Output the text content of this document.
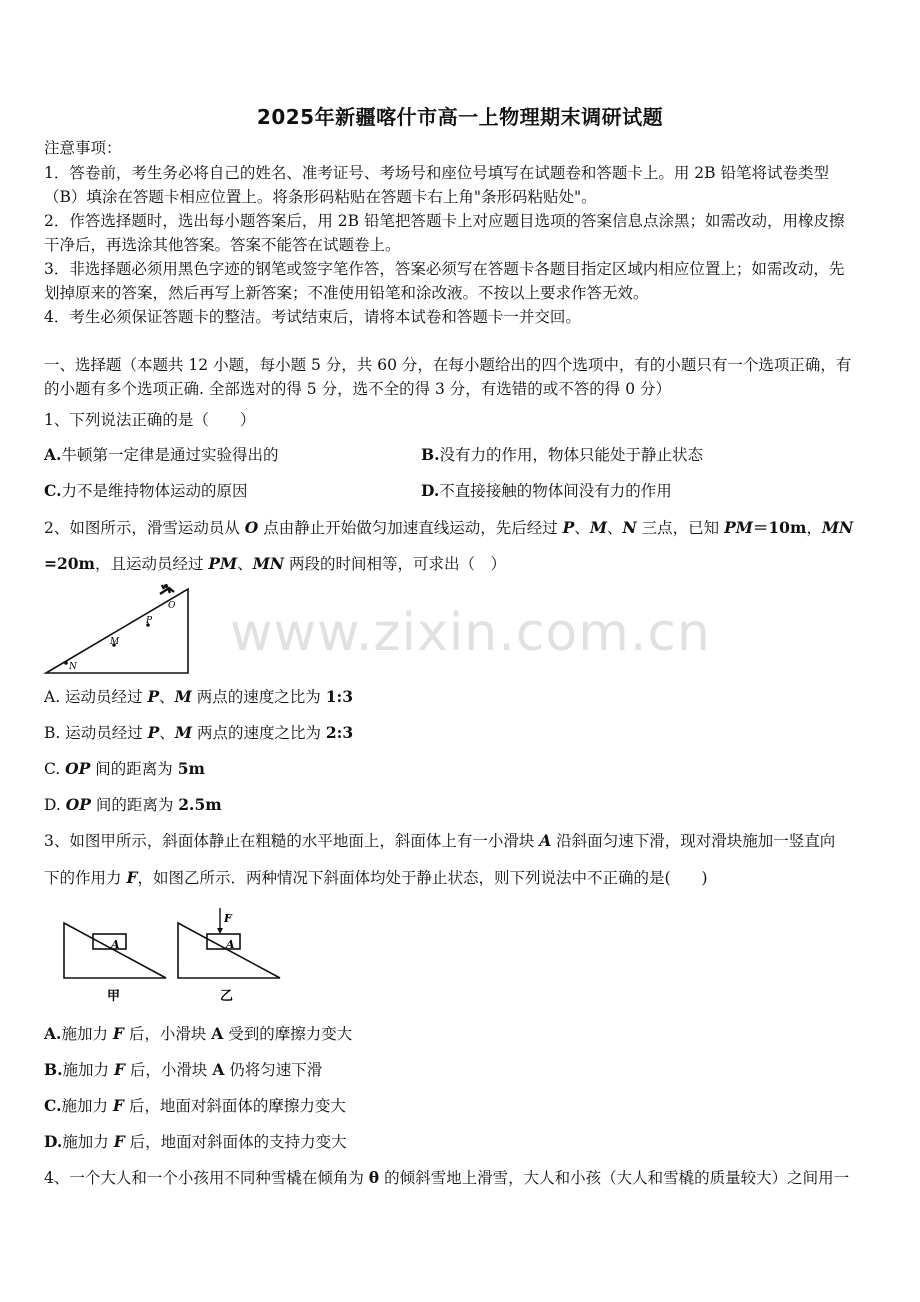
2025年新疆喀什市高一上物理期末调研试题
注意事项：
1．答卷前，考生务必将自己的姓名、准考证号、考场号和座位号填写在试题卷和答题卡上。用 2B 铅笔将试卷类型
（B）填涂在答题卡相应位置上。将条形码粘贴在答题卡右上角"条形码粘贴处"。
2．作答选择题时，选出每小题答案后，用 2B 铅笔把答题卡上对应题目选项的答案信息点涂黑；如需改动，用橡皮擦
干净后，再选涂其他答案。答案不能答在试题卷上。
3．非选择题必须用黑色字迹的钢笔或签字笔作答，答案必须写在答题卡各题目指定区域内相应位置上；如需改动，先
划掉原来的答案，然后再写上新答案；不准使用铅笔和涂改液。不按以上要求作答无效。
4．考生必须保证答题卡的整洁。考试结束后，请将本试卷和答题卡一并交回。
一、选择题（本题共 12 小题，每小题 5 分，共 60 分，在每小题给出的四个选项中，有的小题只有一个选项正确，有
的小题有多个选项正确. 全部选对的得 5 分，选不全的得 3 分，有选错的或不答的得 0 分）
1、下列说法正确的是（　　）
A.牛顿第一定律是通过实验得出的	B.没有力的作用，物体只能处于静止状态
C.力不是维持物体运动的原因	D.不直接接触的物体间没有力的作用
2、如图所示，滑雪运动员从 O 点由静止开始做匀加速直线运动，先后经过 P、M、N 三点，已知 PM＝10m，MN
=20m，且运动员经过 PM、MN 两段的时间相等，可求出（　）
O
P
M
N
A. 运动员经过 P、M 两点的速度之比为 1:3
B. 运动员经过 P、M 两点的速度之比为 2:3
C. OP 间的距离为 5m
D. OP 间的距离为 2.5m
3、如图甲所示，斜面体静止在粗糙的水平地面上，斜面体上有一小滑块 A 沿斜面匀速下滑，现对滑块施加一竖直向
下的作用力 F，如图乙所示．两种情况下斜面体均处于静止状态，则下列说法中不正确的是(　　)
A
甲
A
F
乙
A.施加力 F 后，小滑块 A 受到的摩擦力变大
B.施加力 F 后，小滑块 A 仍将匀速下滑
C.施加力 F 后，地面对斜面体的摩擦力变大
D.施加力 F 后，地面对斜面体的支持力变大
4、一个大人和一个小孩用不同种雪橇在倾角为 θ 的倾斜雪地上滑雪，大人和小孩（大人和雪橇的质量较大）之间用一
www.zixin.com.cn
